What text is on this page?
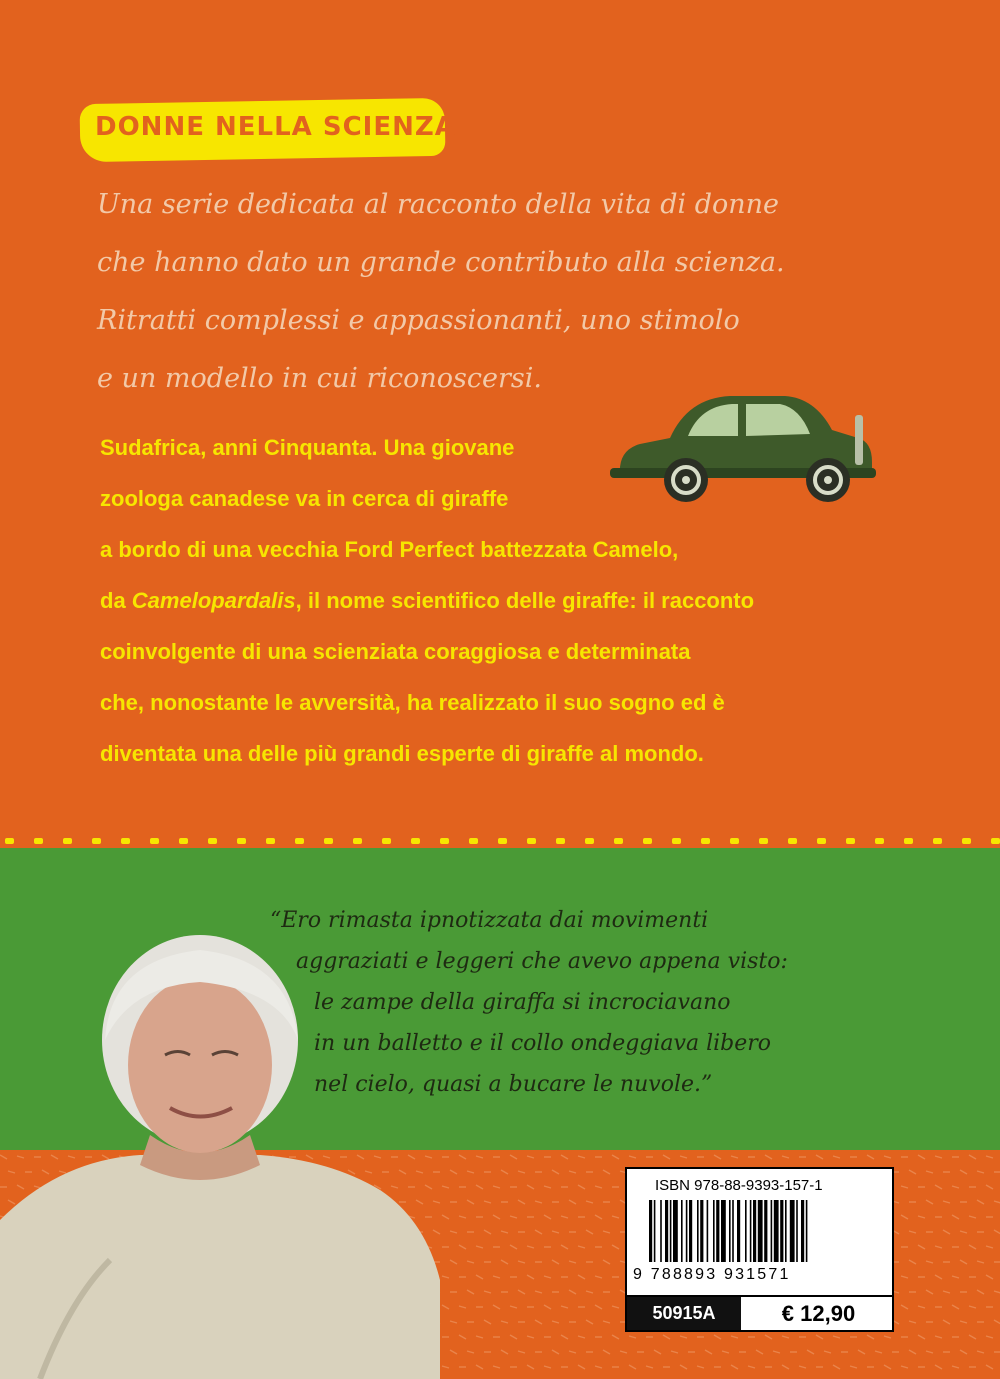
DONNE NELLA SCIENZA
Una serie dedicata al racconto della vita di donne
che hanno dato un grande contributo alla scienza.
Ritratti complessi e appassionanti, uno stimolo
e un modello in cui riconoscersi.
Sudafrica, anni Cinquanta. Una giovane
zoologa canadese va in cerca di giraffe
a bordo di una vecchia Ford Perfect battezzata Camelo,
da Camelopardalis, il nome scientifico delle giraffe: il racconto
coinvolgente di una scienziata coraggiosa e determinata
che, nonostante le avversità, ha realizzato il suo sogno ed è
diventata una delle più grandi esperte di giraffe al mondo.
“Ero rimasta ipnotizzata dai movimenti
aggraziati e leggeri che avevo appena visto:
le zampe della giraffa si incrociavano
in un balletto e il collo ondeggiava libero
nel cielo, quasi a bucare le nuvole.”
ISBN 978-88-9393-157-1
9 788893 931571
50915A	€ 12,90
